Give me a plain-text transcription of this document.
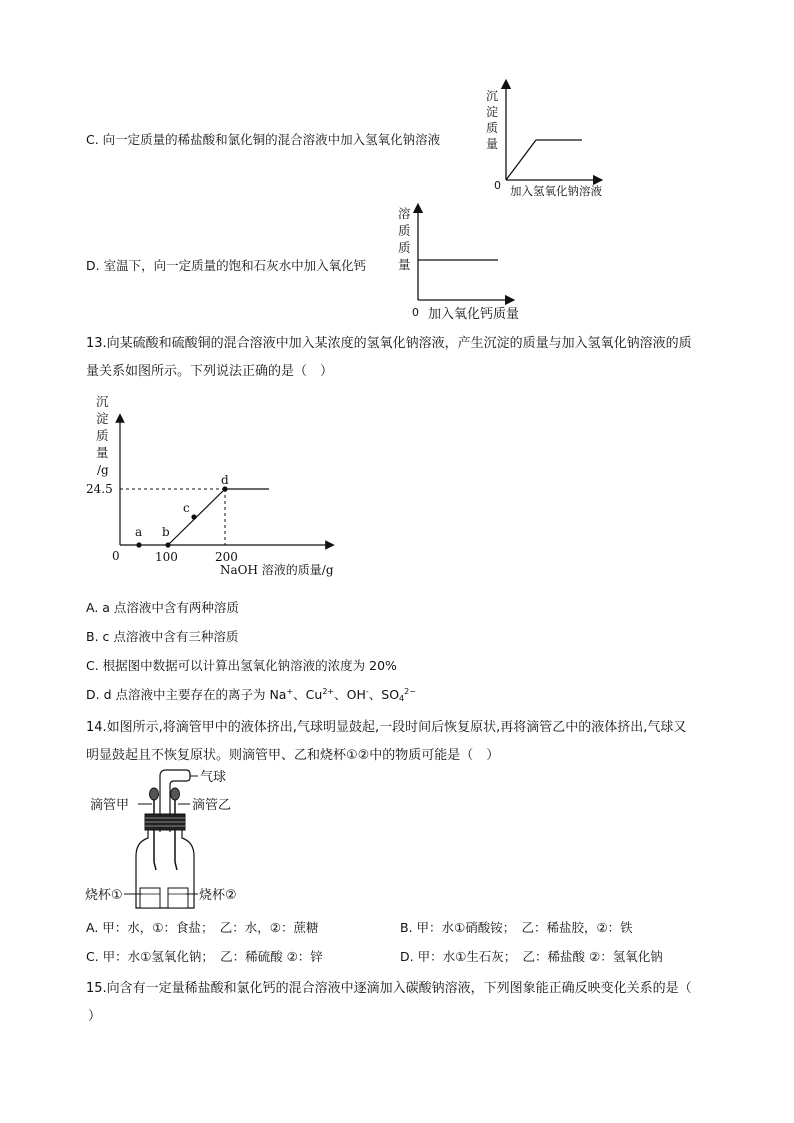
C. 向一定质量的稀盐酸和氯化铜的混合溶液中加入氢氧化钠溶液
沉
淀
质
量
0 加入氢氧化钠溶液
D. 室温下，向一定质量的饱和石灰水中加入氧化钙
溶
质
质
量
0 加入氧化钙质量
13.向某硫酸和硫酸铜的混合溶液中加入某浓度的氢氧化钠溶液，产生沉淀的质量与加入氢氧化钠溶液的质
量关系如图所示。下列说法正确的是（　）
a b
c
d
沉
淀
质
量
/g
24.5
0	100	200
NaOH 溶液的质量/g
A. a 点溶液中含有两种溶质
B. c 点溶液中含有三种溶质
C. 根据图中数据可以计算出氢氧化钠溶液的浓度为 20%
D. d 点溶液中主要存在的离子为 Na+、$Cu^{2+}$、OH-、$SO_4^{2-}$
14.如图所示,将滴管甲中的液体挤出,气球明显鼓起,一段时间后恢复原状,再将滴管乙中的液体挤出,气球又
明显鼓起且不恢复原状。则滴管甲、乙和烧杯①②中的物质可能是（　）
气球
滴管甲	滴管乙
烧杯①	烧杯②
A. 甲：水，①：食盐；　乙：水，②：蔗糖	B. 甲：水①硝酸铵；　乙：稀盐胶，②：铁
C. 甲：水①氢氧化钠；　乙：稀硫酸 ②：锌	D. 甲：水①生石灰；　乙：稀盐酸 ②：氢氧化钠
15.向含有一定量稀盐酸和氯化钙的混合溶液中逐滴加入碳酸钠溶液，下列图象能正确反映变化关系的是（
）
